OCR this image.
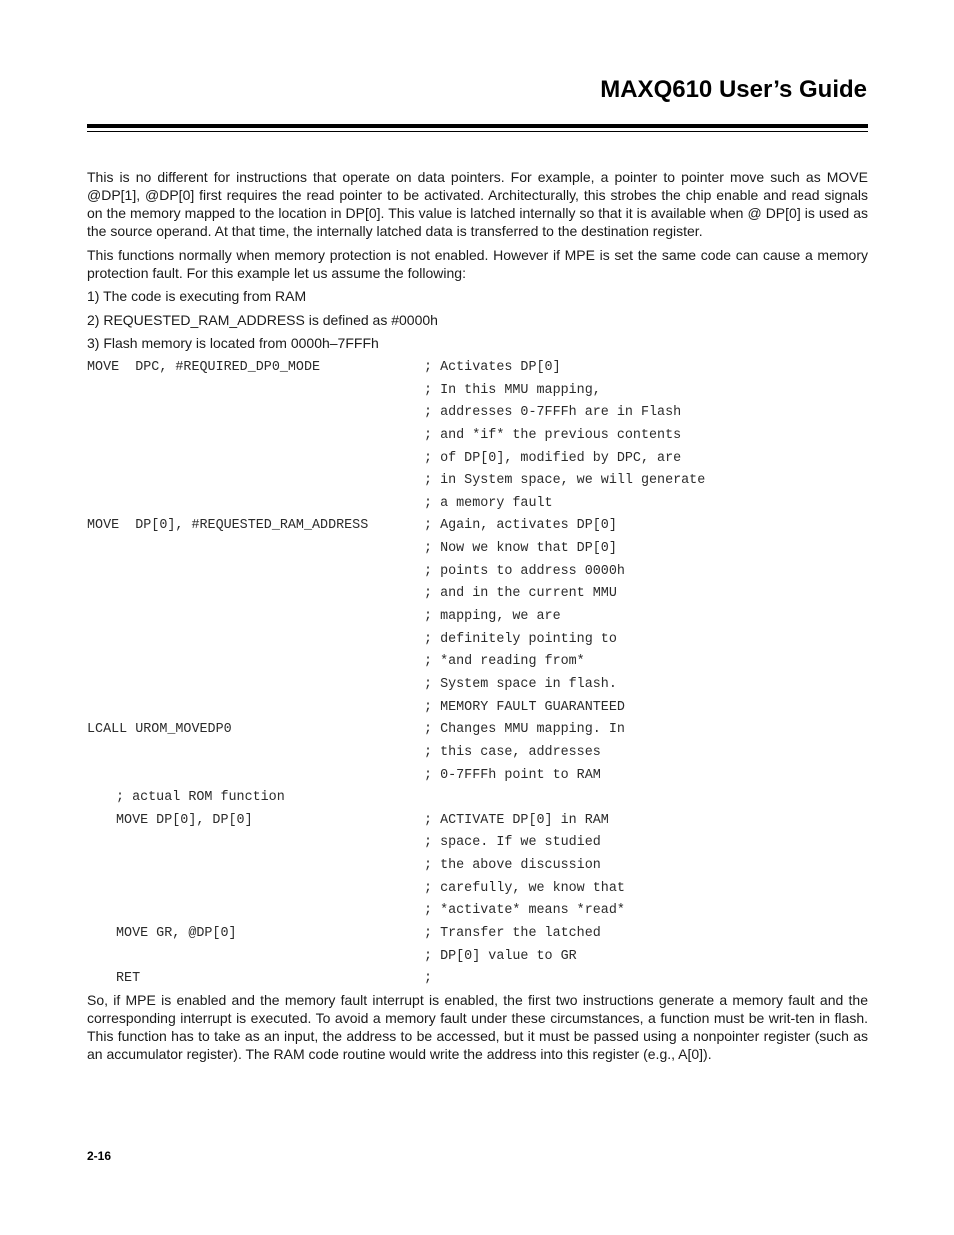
MAXQ610 User’s Guide

This is no different for instructions that operate on data pointers. For example, a pointer to pointer move such as MOVE @DP[1], @DP[0] first requires the read pointer to be activated. Architecturally, this strobes the chip enable and read signals on the memory mapped to the location in DP[0]. This value is latched internally so that it is available when @ DP[0] is used as the source operand. At that time, the internally latched data is transferred to the destination register.

This functions normally when memory protection is not enabled. However if MPE is set the same code can cause a memory protection fault. For this example let us assume the following:

1) The code is executing from RAM

2) REQUESTED_RAM_ADDRESS is defined as #0000h

3) Flash memory is located from 0000h–7FFFh

MOVE  DPC, #REQUIRED_DP0_MODE	; Activates DP[0]
; In this MMU mapping,
; addresses 0-7FFFh are in Flash
; and *if* the previous contents
; of DP[0], modified by DPC, are
; in System space, we will generate
; a memory fault
MOVE  DP[0], #REQUESTED_RAM_ADDRESS	; Again, activates DP[0]
; Now we know that DP[0]
; points to address 0000h
; and in the current MMU
; mapping, we are
; definitely pointing to
; *and reading from*
; System space in flash.
; MEMORY FAULT GUARANTEED
LCALL UROM_MOVEDP0	; Changes MMU mapping. In
; this case, addresses
; 0-7FFFh point to RAM
; actual ROM function
MOVE DP[0], DP[0]	; ACTIVATE DP[0] in RAM
; space. If we studied
; the above discussion
; carefully, we know that
; *activate* means *read*
MOVE GR, @DP[0]	; Transfer the latched
; DP[0] value to GR
RET	;

So, if MPE is enabled and the memory fault interrupt is enabled, the first two instructions generate a memory fault and the corresponding interrupt is executed. To avoid a memory fault under these circumstances, a function must be writ-ten in flash. This function has to take as an input, the address to be accessed, but it must be passed using a nonpointer register (such as an accumulator register). The RAM code routine would write the address into this register (e.g., A[0]).

2-16
